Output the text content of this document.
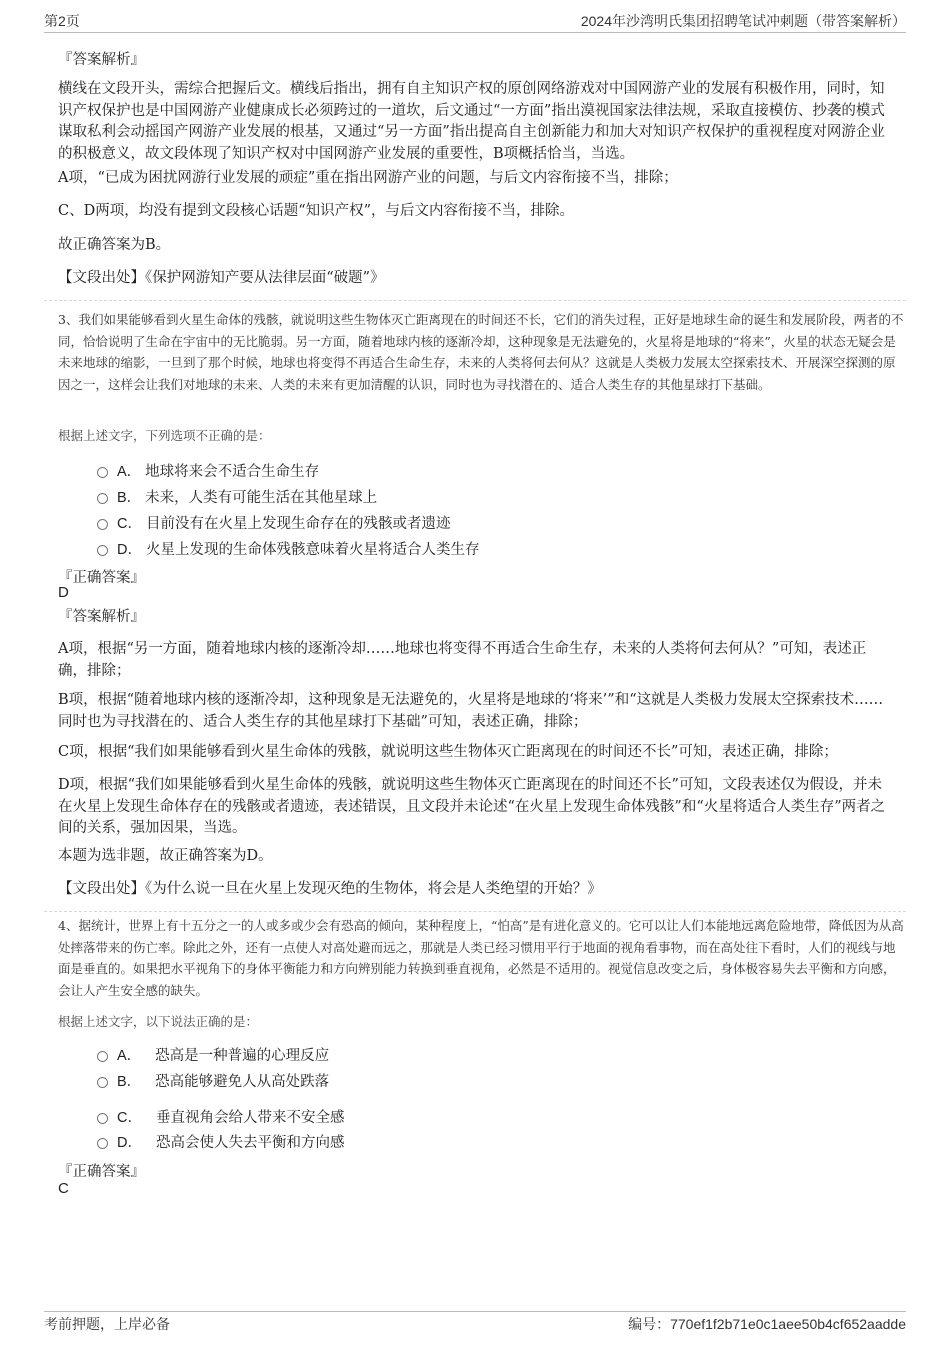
第2页	2024年沙湾明氏集团招聘笔试冲刺题（带答案解析）
『答案解析』
横线在文段开头，需综合把握后文。横线后指出，拥有自主知识产权的原创网络游戏对中国网游产业的发展有积极作用，同时，知识产权保护也是中国网游产业健康成长必须跨过的一道坎，后文通过“一方面”指出漠视国家法律法规，采取直接模仿、抄袭的模式谋取私利会动摇国产网游产业发展的根基，又通过“另一方面”指出提高自主创新能力和加大对知识产权保护的重视程度对网游企业的积极意义，故文段体现了知识产权对中国网游产业发展的重要性，B项概括恰当，当选。
A项，“已成为困扰网游行业发展的顽症”重在指出网游产业的问题，与后文内容衔接不当，排除；
C、D两项，均没有提到文段核心话题“知识产权”，与后文内容衔接不当，排除。
故正确答案为B。
【文段出处】《保护网游知产要从法律层面“破题”》
3、我们如果能够看到火星生命体的残骸，就说明这些生物体灭亡距离现在的时间还不长，它们的消失过程，正好是地球生命的诞生和发展阶段，两者的不同，恰恰说明了生命在宇宙中的无比脆弱。另一方面，随着地球内核的逐渐冷却，这种现象是无法避免的，火星将是地球的“将来”，火星的状态无疑会是未来地球的缩影，一旦到了那个时候，地球也将变得不再适合生命生存，未来的人类将何去何从？这就是人类极力发展太空探索技术、开展深空探测的原因之一，这样会让我们对地球的未来、人类的未来有更加清醒的认识，同时也为寻找潜在的、适合人类生存的其他星球打下基础。
根据上述文字，下列选项不正确的是：
A． 地球将来会不适合生命生存
B． 未来，人类有可能生活在其他星球上
C． 目前没有在火星上发现生命存在的残骸或者遗迹
D． 火星上发现的生命体残骸意味着火星将适合人类生存
『正确答案』
D
『答案解析』
A项，根据“另一方面，随着地球内核的逐渐冷却……地球也将变得不再适合生命生存，未来的人类将何去何从？”可知，表述正确，排除；
B项，根据“随着地球内核的逐渐冷却，这种现象是无法避免的，火星将是地球的‘将来’”和“这就是人类极力发展太空探索技术……同时也为寻找潜在的、适合人类生存的其他星球打下基础”可知，表述正确，排除；
C项，根据“我们如果能够看到火星生命体的残骸，就说明这些生物体灭亡距离现在的时间还不长”可知，表述正确，排除；
D项，根据“我们如果能够看到火星生命体的残骸，就说明这些生物体灭亡距离现在的时间还不长”可知，文段表述仅为假设，并未在火星上发现生命体存在的残骸或者遗迹，表述错误，且文段并未论述“在火星上发现生命体残骸”和“火星将适合人类生存”两者之间的关系，强加因果，当选。
本题为选非题，故正确答案为D。
【文段出处】《为什么说一旦在火星上发现灭绝的生物体，将会是人类绝望的开始？》
4、据统计，世界上有十五分之一的人或多或少会有恐高的倾向，某种程度上，“怕高”是有进化意义的。它可以让人们本能地远离危险地带，降低因为从高处摔落带来的伤亡率。除此之外，还有一点使人对高处避而远之，那就是人类已经习惯用平行于地面的视角看事物，而在高处往下看时，人们的视线与地面是垂直的。如果把水平视角下的身体平衡能力和方向辨别能力转换到垂直视角，必然是不适用的。视觉信息改变之后，身体极容易失去平衡和方向感，会让人产生安全感的缺失。
根据上述文字，以下说法正确的是：
A． 恐高是一种普遍的心理反应
B． 恐高能够避免人从高处跌落
C． 垂直视角会给人带来不安全感
D． 恐高会使人失去平衡和方向感
『正确答案』
C
考前押题，上岸必备	编号：770ef1f2b71e0c1aee50b4cf652aadde
